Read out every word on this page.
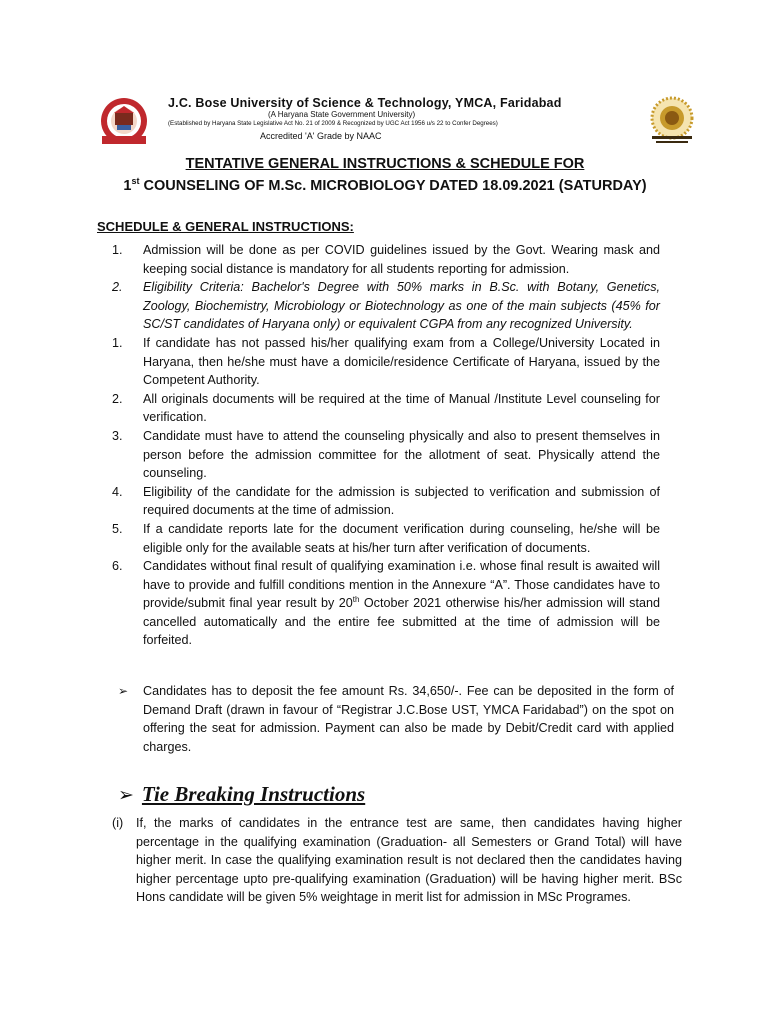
J.C. Bose University of Science & Technology, YMCA, Faridabad
(A Haryana State Government University)
(Established by Haryana State Legislative Act No. 21 of 2009 & Recognized by UGC Act 1956 u/s 22 to Confer Degrees)
Accredited 'A' Grade by NAAC
TENTATIVE GENERAL INSTRUCTIONS & SCHEDULE FOR
1st COUNSELING OF M.Sc. MICROBIOLOGY DATED 18.09.2021 (SATURDAY)
SCHEDULE & GENERAL INSTRUCTIONS:
1.	Admission will be done as per COVID guidelines issued by the Govt. Wearing mask and keeping social distance is mandatory for all students reporting for admission.
2.	Eligibility Criteria: Bachelor's Degree with 50% marks in B.Sc. with Botany, Genetics, Zoology, Biochemistry, Microbiology or Biotechnology as one of the main subjects (45% for SC/ST candidates of Haryana only) or equivalent CGPA from any recognized University.
1.	If candidate has not passed his/her qualifying exam from a College/University Located in Haryana, then he/she must have a domicile/residence Certificate of Haryana, issued by the Competent Authority.
2.	All originals documents will be required at the time of Manual /Institute Level counseling for verification.
3.	Candidate must have to attend the counseling physically and also to present themselves in person before the admission committee for the allotment of seat. Physically attend the counseling.
4.	Eligibility of the candidate for the admission is subjected to verification and submission of required documents at the time of admission.
5.	If a candidate reports late for the document verification during counseling, he/she will be eligible only for the available seats at his/her turn after verification of documents.
6.	Candidates without final result of qualifying examination i.e. whose final result is awaited will have to provide and fulfill conditions mention in the Annexure “A”. Those candidates have to provide/submit final year result by 20th October 2021 otherwise his/her admission will stand cancelled automatically and the entire fee submitted at the time of admission will be forfeited.
➢	Candidates has to deposit the fee amount Rs. 34,650/-. Fee can be deposited in the form of Demand Draft (drawn in favour of “Registrar J.C.Bose UST, YMCA Faridabad”) on the spot on offering the seat for admission. Payment can also be made by Debit/Credit card with applied charges.
➢ Tie Breaking Instructions
(i)	If, the marks of candidates in the entrance test are same, then candidates having higher percentage in the qualifying examination (Graduation- all Semesters or Grand Total) will have higher merit. In case the qualifying examination result is not declared then the candidates having higher percentage upto pre-qualifying examination (Graduation) will be having higher merit. BSc Hons candidate will be given 5% weightage in merit list for admission in MSc Programes.
